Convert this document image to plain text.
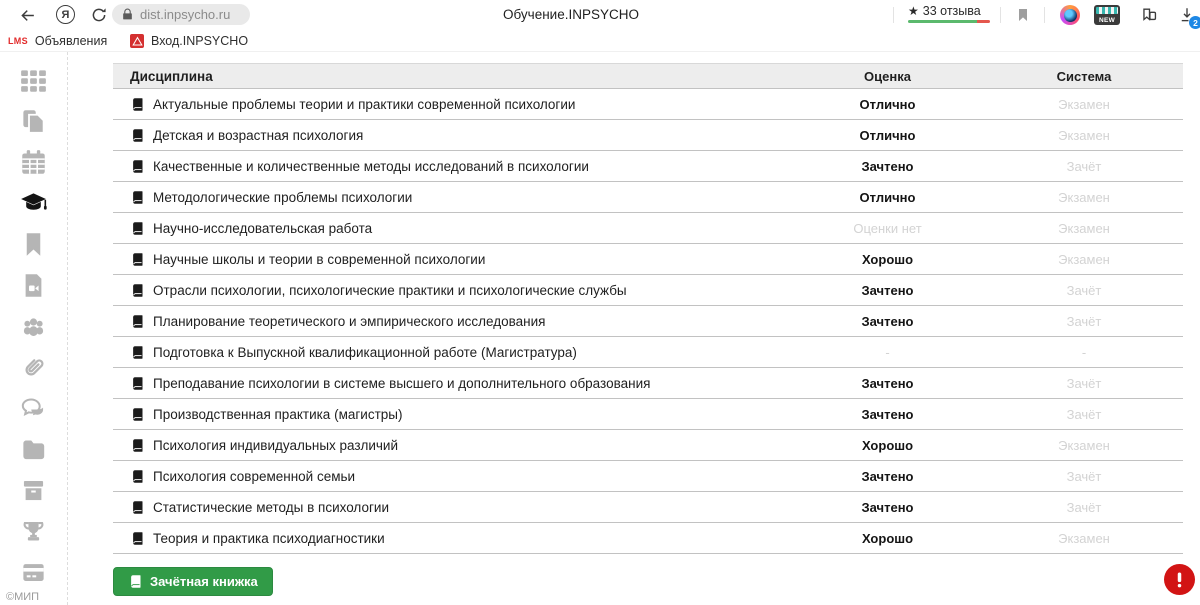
Я	dist.inpsycho.ru	Обучение.INPSYCHO	★ 33 отзыва
NEW	2
LMS Объявления	Вход.INPSYCHO
©МИП
Дисциплина	Оценка	Система
Актуальные проблемы теории и практики современной психологии	Отлично	Экзамен
Детская и возрастная психология	Отлично	Экзамен
Качественные и количественные методы исследований в психологии	Зачтено	Зачёт
Методологические проблемы психологии	Отлично	Экзамен
Научно-исследовательская работа	Оценки нет	Экзамен
Научные школы и теории в современной психологии	Хорошо	Экзамен
Отрасли психологии, психологические практики и психологические службы	Зачтено	Зачёт
Планирование теоретического и эмпирического исследования	Зачтено	Зачёт
Подготовка к Выпускной квалификационной работе (Магистратура)	-	-
Преподавание психологии в системе высшего и дополнительного образования	Зачтено	Зачёт
Производственная практика (магистры)	Зачтено	Зачёт
Психология индивидуальных различий	Хорошо	Экзамен
Психология современной семьи	Зачтено	Зачёт
Статистические методы в психологии	Зачтено	Зачёт
Теория и практика психодиагностики	Хорошо	Экзамен
Зачётная книжка
